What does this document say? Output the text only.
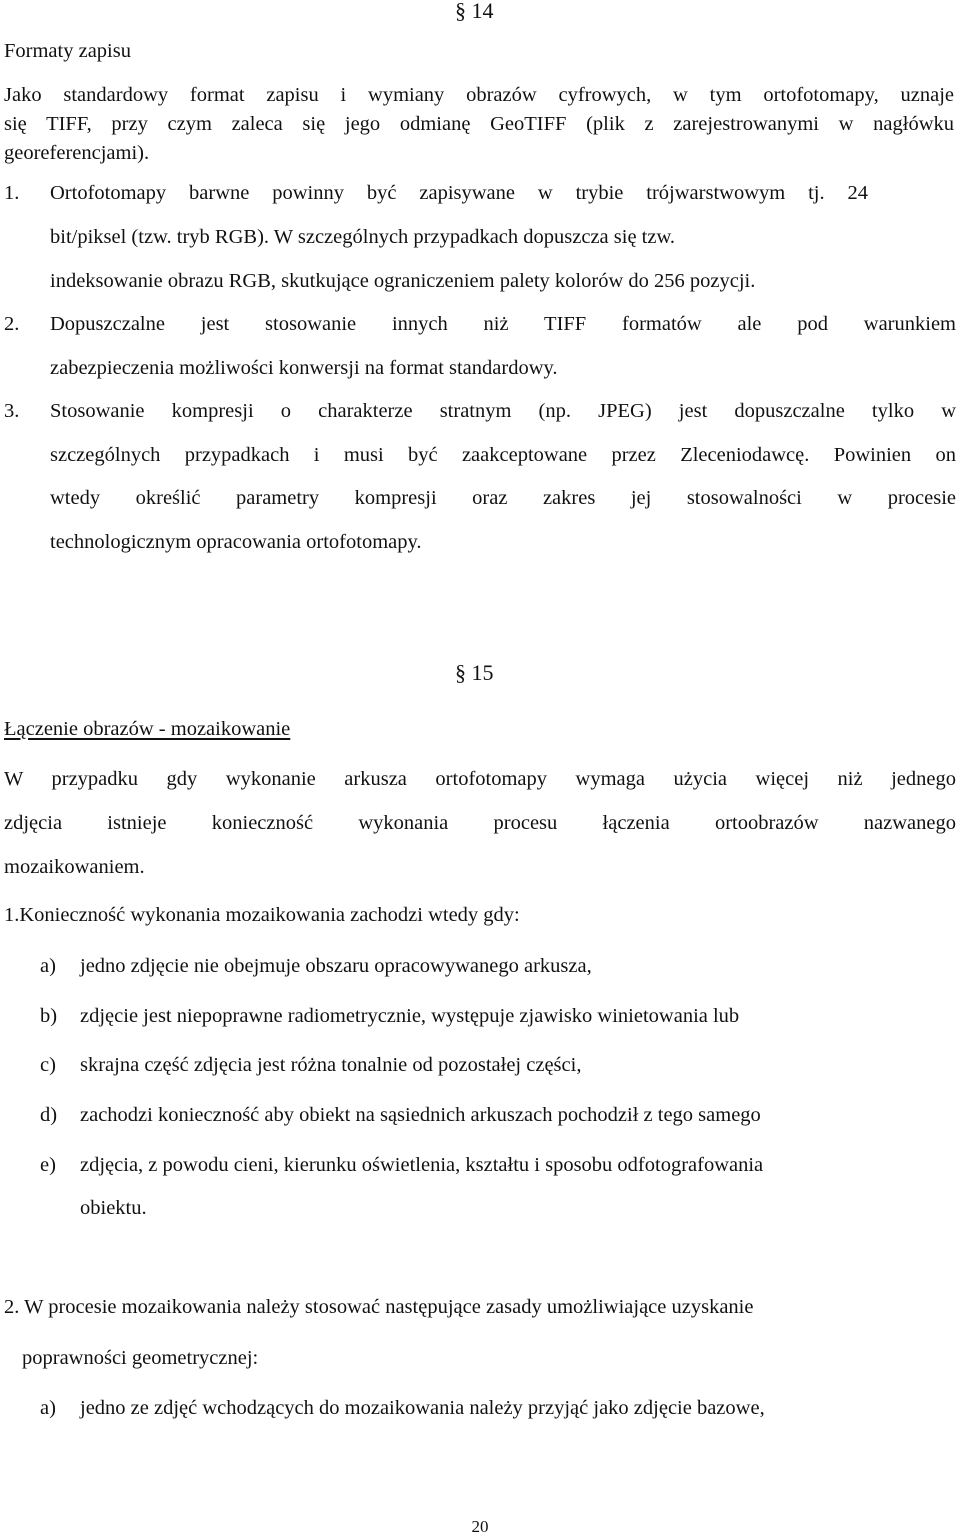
§ 14
Formaty zapisu
Jako standardowy format zapisu i wymiany obrazów cyfrowych, w tym ortofotomapy, uznaje
się TIFF, przy czym zaleca się jego odmianę GeoTIFF (plik z zarejestrowanymi w nagłówku
georeferencjami).
1. Ortofotomapy barwne powinny być zapisywane w trybie trójwarstwowym tj. 24
bit/piksel (tzw. tryb RGB). W szczególnych przypadkach dopuszcza się tzw.
indeksowanie obrazu RGB, skutkujące ograniczeniem palety kolorów do 256 pozycji.
2. Dopuszczalne jest stosowanie innych niż TIFF formatów ale pod warunkiem
zabezpieczenia możliwości konwersji na format standardowy.
3. Stosowanie kompresji o charakterze stratnym (np. JPEG) jest dopuszczalne tylko w
szczególnych przypadkach i musi być zaakceptowane przez Zleceniodawcę. Powinien on
wtedy określić parametry kompresji oraz zakres jej stosowalności w procesie
technologicznym opracowania ortofotomapy.
§ 15
Łączenie obrazów - mozaikowanie
W przypadku gdy wykonanie arkusza ortofotomapy wymaga użycia więcej niż jednego
zdjęcia istnieje konieczność wykonania procesu łączenia ortoobrazów nazwanego
mozaikowaniem.
1.Konieczność wykonania mozaikowania zachodzi wtedy gdy:
a) jedno zdjęcie nie obejmuje obszaru opracowywanego arkusza,
b) zdjęcie jest niepoprawne radiometrycznie, występuje zjawisko winietowania lub
c) skrajna część zdjęcia jest różna tonalnie od pozostałej części,
d) zachodzi konieczność aby obiekt na sąsiednich arkuszach pochodził z tego samego
e) zdjęcia, z powodu cieni, kierunku oświetlenia, kształtu i sposobu odfotografowania
obiektu.
2. W procesie mozaikowania należy stosować następujące zasady umożliwiające uzyskanie
poprawności geometrycznej:
a) jedno ze zdjęć wchodzących do mozaikowania należy przyjąć jako zdjęcie bazowe,
20
